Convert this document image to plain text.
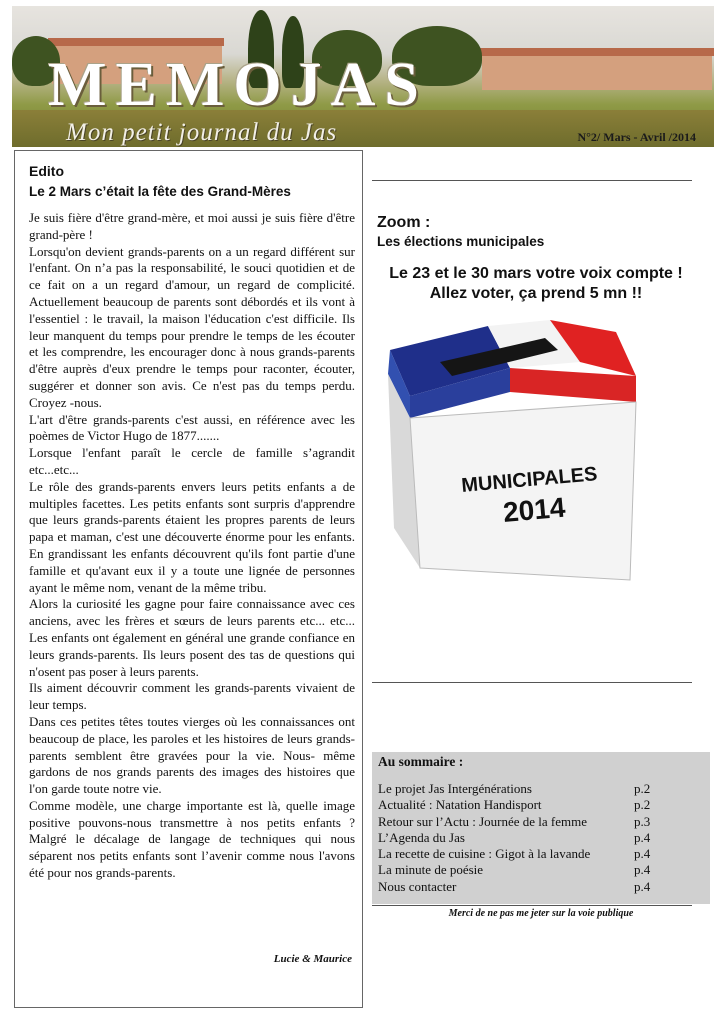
MEMOJAS
Mon petit journal du Jas	N°2/ Mars - Avril /2014
Edito
Le 2 Mars c’était la fête des Grand-Mères

Je suis fière d'être grand-mère, et moi aussi je suis fière d'être grand-père !

Lorsqu'on devient grands-parents on a un regard différent sur l'enfant. On n’a pas la responsabilité, le souci quotidien et de ce fait on a un regard d'amour, un regard de complicité. Actuellement beaucoup de parents sont débordés et ils vont à l'essentiel : le travail, la maison l'éducation c'est difficile. Ils leur manquent du temps pour prendre le temps de les écouter et les comprendre, les encourager donc à nous grands-parents d'être auprès d'eux prendre le temps pour raconter, écouter, suggérer et donner son avis. Ce n'est pas du temps perdu. Croyez -nous.

L'art d'être grands-parents c'est aussi, en référence avec les poèmes de Victor Hugo de 1877.......

Lorsque l'enfant paraît le cercle de famille s’agrandit etc...etc...

Le rôle des grands-parents envers leurs petits enfants a de multiples facettes. Les petits enfants sont surpris d'apprendre que leurs grands-parents étaient les propres parents de leurs papa et maman, c'est une découverte énorme pour les enfants. En grandissant les enfants découvrent qu'ils font partie d'une famille et qu'avant eux il y a toute une lignée de personnes ayant le même nom, venant de la même tribu.

Alors la curiosité les gagne pour faire connaissance avec ces anciens, avec les frères et sœurs de leurs parents etc... etc... Les enfants ont également en général une grande confiance en leurs grands-parents. Ils leurs posent des tas de questions qui n'osent pas poser à leurs parents.

Ils aiment découvrir comment les grands-parents vivaient de leur temps.

Dans ces petites têtes toutes vierges où les connaissances ont beaucoup de place, les paroles et les histoires de leurs grands-parents semblent être gravées pour la vie. Nous- même gardons de nos grands parents des images des histoires que l'on garde toute notre vie.

Comme modèle, une charge importante est là, quelle image positive pouvons-nous transmettre à nos petits enfants ? Malgré le décalage de langage de techniques qui nous séparent nos petits enfants sont l’avenir comme nous l'avons été pour nos grands-parents.

Lucie & Maurice
Zoom :
Les élections municipales
Le 23 et le 30 mars votre voix compte !
Allez voter, ça prend 5 mn !!
MUNICIPALES
2014
Au sommaire :
Le projet Jas Intergénérations	p.2
Actualité : Natation Handisport	p.2
Retour sur l’Actu : Journée de la femme	p.3
L’Agenda du Jas	p.4
La recette de cuisine : Gigot à la lavande	p.4
La minute de poésie	p.4
Nous contacter	p.4
Merci de ne pas me jeter sur la voie publique
